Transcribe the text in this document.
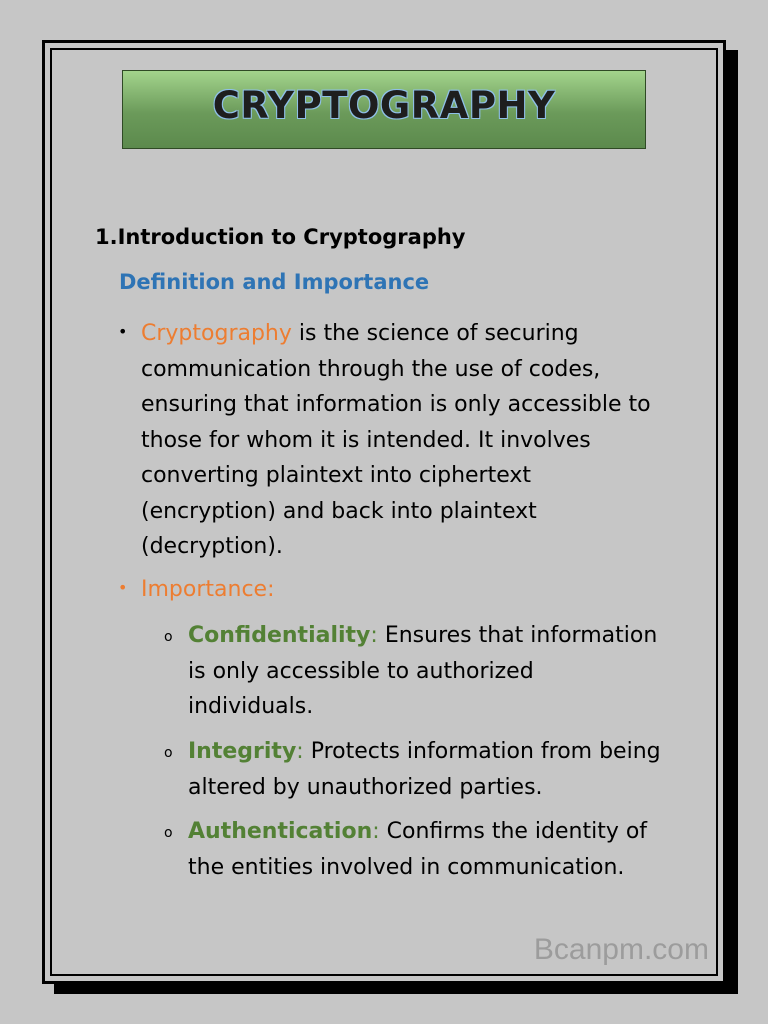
CRYPTOGRAPHY
1.Introduction to Cryptography
Definition and Importance
• Cryptography is the science of securing
communication through the use of codes,
ensuring that information is only accessible to
those for whom it is intended. It involves
converting plaintext into ciphertext
(encryption) and back into plaintext
(decryption).
• Importance:
o Confidentiality: Ensures that information
is only accessible to authorized
individuals.
o Integrity: Protects information from being
altered by unauthorized parties.
o Authentication: Confirms the identity of
the entities involved in communication.
Bcanpm.com
